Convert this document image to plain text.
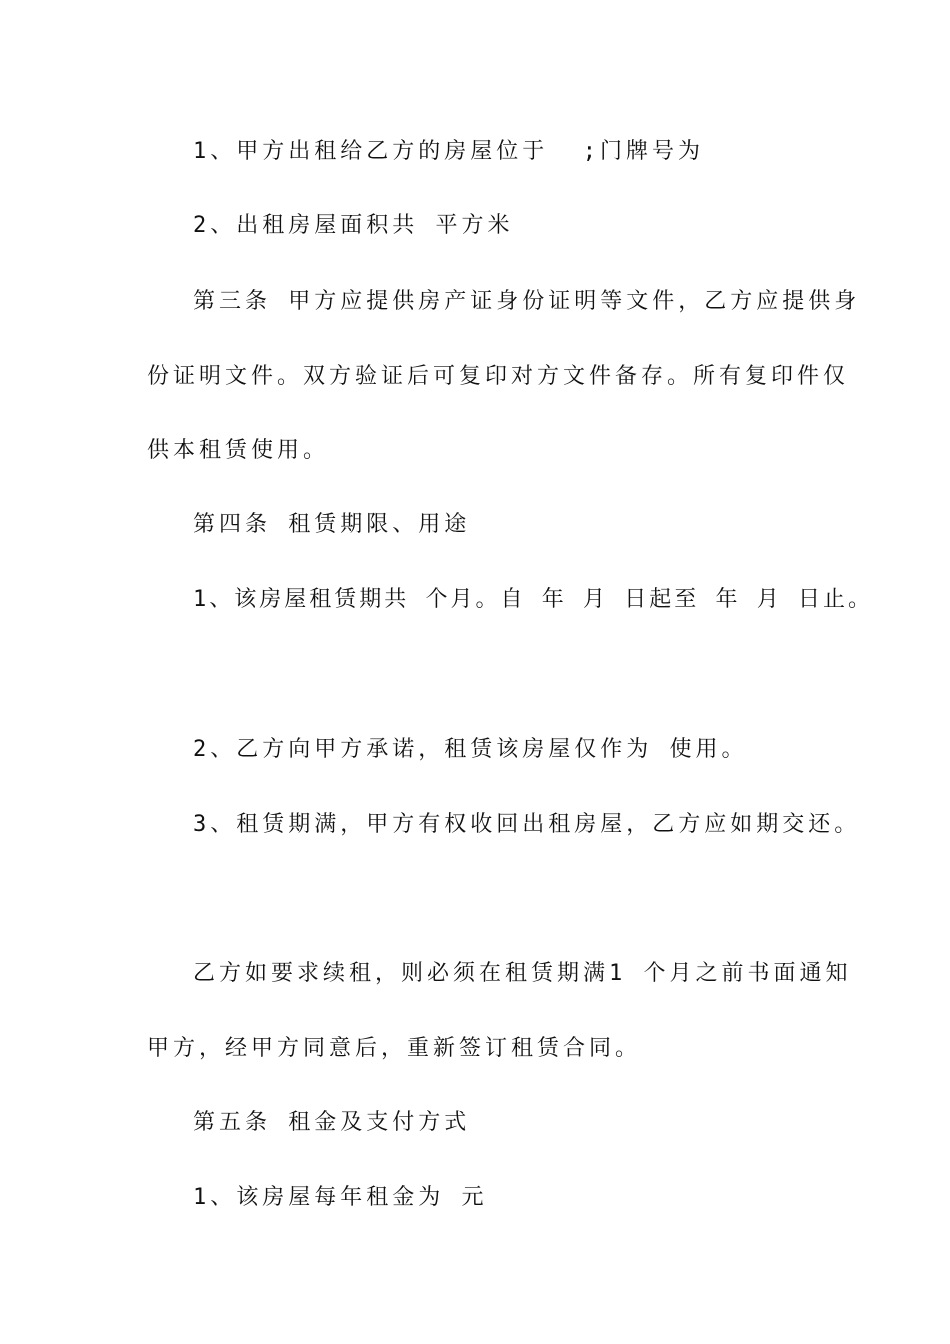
1、甲方出租给乙方的房屋位于  ;门牌号为
2、出租房屋面积共 平方米
第三条 甲方应提供房产证身份证明等文件，乙方应提供身
份证明文件。双方验证后可复印对方文件备存。所有复印件仅
供本租赁使用。
第四条 租赁期限、用途
1、该房屋租赁期共 个月。自 年 月 日起至 年 月 日止。
2、乙方向甲方承诺，租赁该房屋仅作为 使用。
3、租赁期满，甲方有权收回出租房屋，乙方应如期交还。
乙方如要求续租，则必须在租赁期满1 个月之前书面通知
甲方，经甲方同意后，重新签订租赁合同。
第五条 租金及支付方式
1、该房屋每年租金为 元
